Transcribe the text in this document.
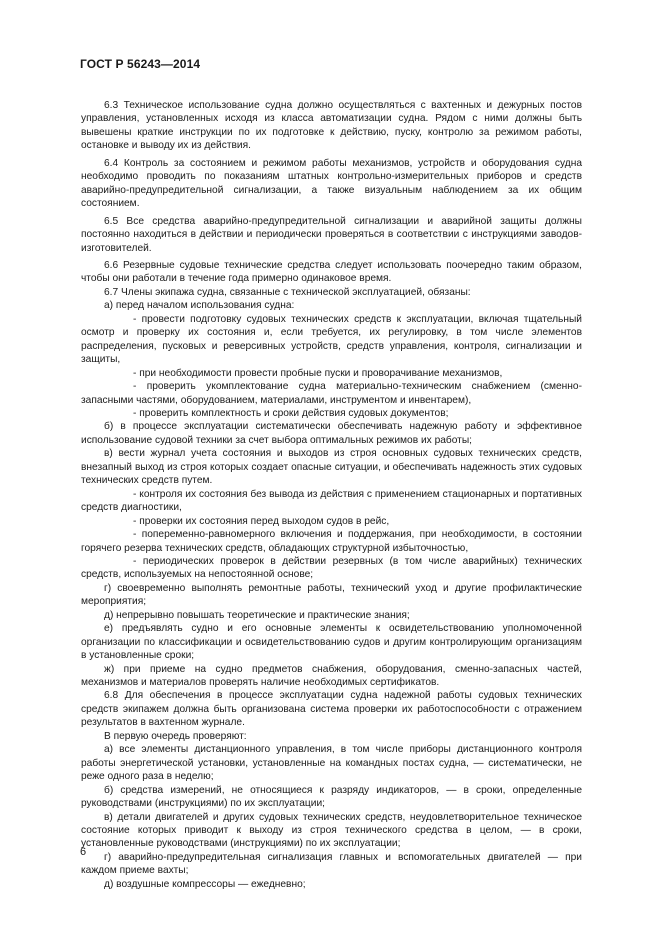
ГОСТ Р 56243—2014

6.3 Техническое использование судна должно осуществляться с вахтенных и дежурных постов управления, установленных исходя из класса автоматизации судна. Рядом с ними должны быть вывешены краткие инструкции по их подготовке к действию, пуску, контролю за режимом работы, остановке и выводу их из действия.

6.4 Контроль за состоянием и режимом работы механизмов, устройств и оборудования судна необходимо проводить по показаниям штатных контрольно-измерительных приборов и средств аварийно-предупредительной сигнализации, а также визуальным наблюдением за их общим состоянием.

6.5 Все средства аварийно-предупредительной сигнализации и аварийной защиты должны постоянно находиться в действии и периодически проверяться в соответствии с инструкциями заводов-изготовителей.

6.6 Резервные судовые технические средства следует использовать поочередно таким образом, чтобы они работали в течение года примерно одинаковое время.

6.7 Члены экипажа судна, связанные с технической эксплуатацией, обязаны:

а) перед началом использования судна:

- провести подготовку судовых технических средств к эксплуатации, включая тщательный осмотр и проверку их состояния и, если требуется, их регулировку, в том числе элементов распределения, пусковых и реверсивных устройств, средств управления, контроля, сигнализации и защиты,

- при необходимости провести пробные пуски и проворачивание механизмов,

- проверить укомплектование судна материально-техническим снабжением (сменно-запасными частями, оборудованием, материалами, инструментом и инвентарем),

- проверить комплектность и сроки действия судовых документов;

б) в процессе эксплуатации систематически обеспечивать надежную работу и эффективное использование судовой техники за счет выбора оптимальных режимов их работы;

в) вести журнал учета состояния и выходов из строя основных судовых технических средств, внезапный выход из строя которых создает опасные ситуации, и обеспечивать надежность этих судовых технических средств путем.

- контроля их состояния без вывода из действия с применением стационарных и портативных средств диагностики,

- проверки их состояния перед выходом судов в рейс,

- попеременно-равномерного включения и поддержания, при необходимости, в состоянии горячего резерва технических средств, обладающих структурной избыточностью,

- периодических проверок в действии резервных (в том числе аварийных) технических средств, используемых на непостоянной основе;

г) своевременно выполнять ремонтные работы, технический уход и другие профилактические мероприятия;

д) непрерывно повышать теоретические и практические знания;

е) предъявлять судно и его основные элементы к освидетельствованию уполномоченной организации по классификации и освидетельствованию судов и другим контролирующим организациям в установленные сроки;

ж) при приеме на судно предметов снабжения, оборудования, сменно-запасных частей, механизмов и материалов проверять наличие необходимых сертификатов.

6.8 Для обеспечения в процессе эксплуатации судна надежной работы судовых технических средств экипажем должна быть организована система проверки их работоспособности с отражением результатов в вахтенном журнале.

В первую очередь проверяют:

а) все элементы дистанционного управления, в том числе приборы дистанционного контроля работы энергетической установки, установленные на командных постах судна, — систематически, не реже одного раза в неделю;

б) средства измерений, не относящиеся к разряду индикаторов, — в сроки, определенные руководствами (инструкциями) по их эксплуатации;

в) детали двигателей и других судовых технических средств, неудовлетворительное техническое состояние которых приводит к выходу из строя технического средства в целом, — в сроки, установленные руководствами (инструкциями) по их эксплуатации;

г) аварийно-предупредительная сигнализация главных и вспомогательных двигателей — при каждом приеме вахты;

д) воздушные компрессоры — ежедневно;

6
